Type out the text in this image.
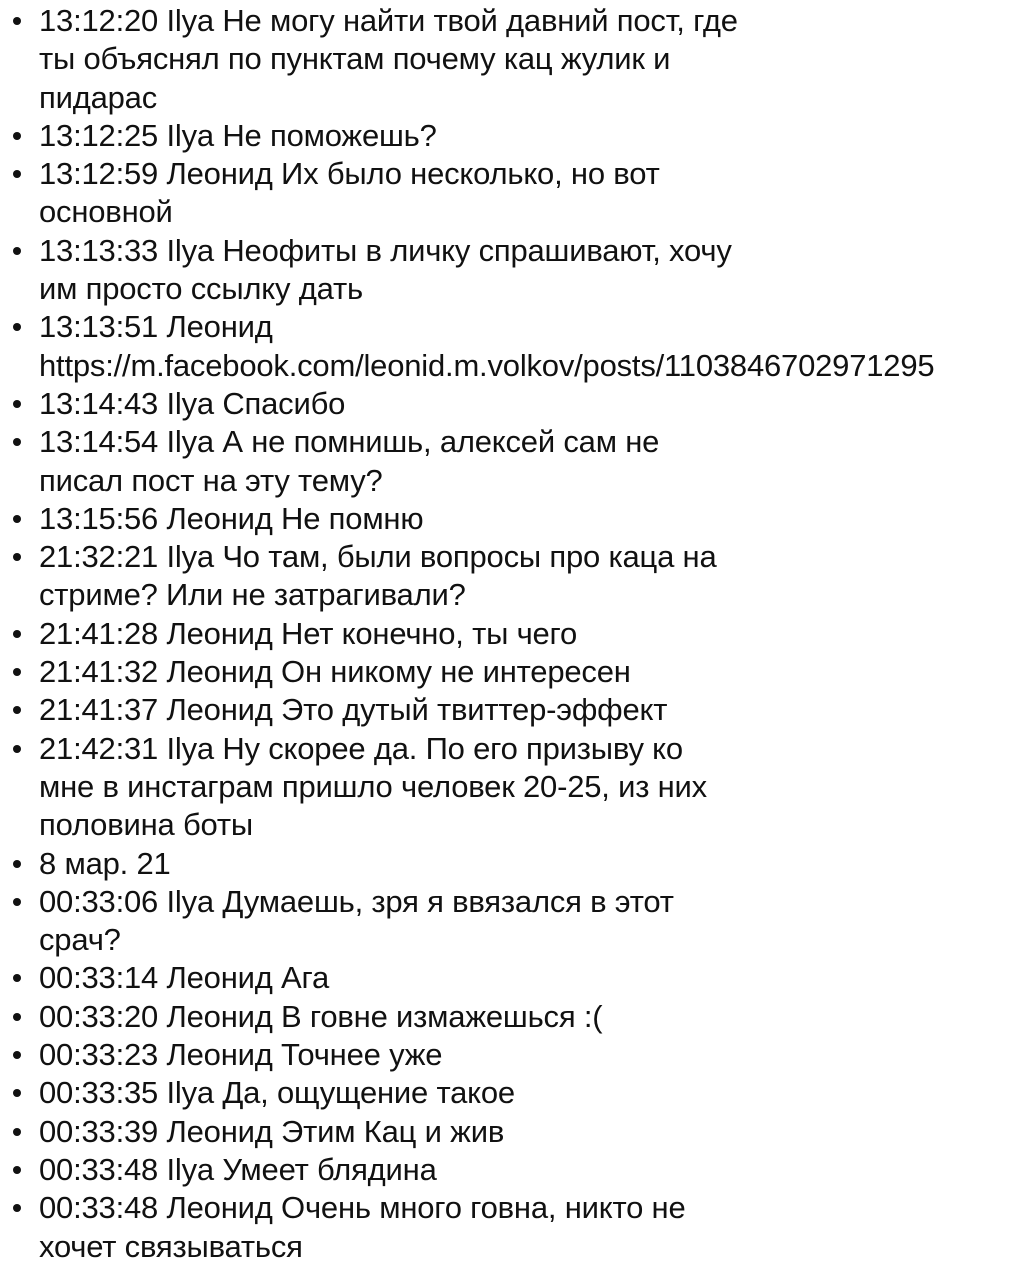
13:12:20 Ilya Не могу найти твой давний пост, где
ты объяснял по пунктам почему кац жулик и
пидарас
13:12:25 Ilya Не поможешь?
13:12:59 Леонид Их было несколько, но вот
основной
13:13:33 Ilya Неофиты в личку спрашивают, хочу
им просто ссылку дать
13:13:51 Леонид
https://m.facebook.com/leonid.m.volkov/posts/1103846702971295
13:14:43 Ilya Спасибо
13:14:54 Ilya А не помнишь, алексей сам не
писал пост на эту тему?
13:15:56 Леонид Не помню
21:32:21 Ilya Чо там, были вопросы про каца на
стриме? Или не затрагивали?
21:41:28 Леонид Нет конечно, ты чего
21:41:32 Леонид Он никому не интересен
21:41:37 Леонид Это дутый твиттер-эффект
21:42:31 Ilya Ну скорее да. По его призыву ко
мне в инстаграм пришло человек 20-25, из них
половина боты
8 мар. 21
00:33:06 Ilya Думаешь, зря я ввязался в этот
срач?
00:33:14 Леонид Ага
00:33:20 Леонид В говне измажешься :(
00:33:23 Леонид Точнее уже
00:33:35 Ilya Да, ощущение такое
00:33:39 Леонид Этим Кац и жив
00:33:48 Ilya Умеет блядина
00:33:48 Леонид Очень много говна, никто не
хочет связываться
